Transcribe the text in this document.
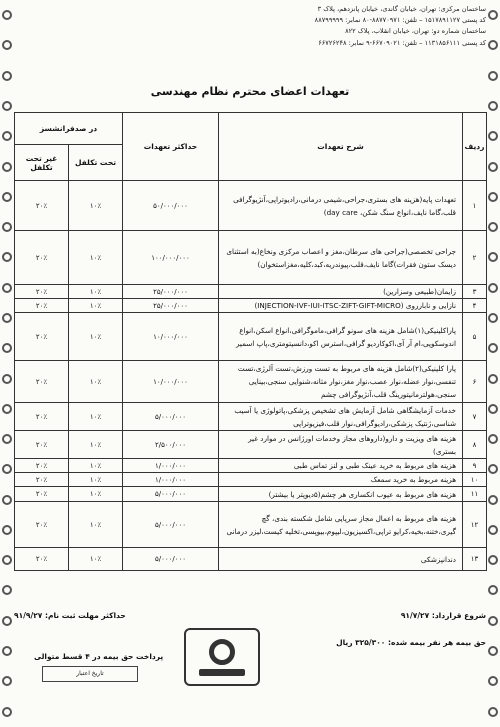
ساختمان مرکزی: تهران، خیابان گاندی، خیابان پانزدهم، پلاک ۳
کد پستی ۱۵۱۷۸۹۱۱۲۷ – تلفن: ۸۸۷۷۰۹۷۱-۸۰ نمابر: ۸۸۷۹۹۹۹۹
ساختمان شماره دو: تهران، خیابان انقلاب، پلاک ۸۲۲
کد پستی ۱۱۳۱۸۵۶۱۱۱ – تلفن: ۶۶۷۰۹۰۲۱-۹ نمابر: ۶۶۷۲۶۲۴۸
تعهدات اعضای محترم نظام مهندسی
ردیف	شرح تعهدات	حداکثر تعهدات	در صدفرانشسز	
			تحت تکلفل	غیر تحت تکلفل
۱	تعهدات پایه(هزینه های بستری،جراحی،شیمی درمانی،رادیوتراپی،آنژیوگرافی قلب،گاما نایف،انواع سنگ شکن، day care)	۵۰/۰۰۰/۰۰۰	۱۰٪	۲۰٪
۲	جراحی تخصصی(جراحی های سرطان،مغز و اعصاب مرکزی ونخاع(به استثنای دیسک ستون فقرات)گاما نایف،قلب،پیوندریه،کبد،کلیه،مغزاستخوان)	۱۰۰/۰۰۰/۰۰۰	۱۰٪	۲۰٪
۳	زایمان(طبیعی وسزارین)	۲۵/۰۰۰/۰۰۰	۱۰٪	۲۰٪
۴	نازایی و نابارروی (INJECTION-IVF-IUI-ITSC-ZIFT-GIFT-MICRO)	۲۵/۰۰۰/۰۰۰	۱۰٪	۲۰٪
۵	پاراکلینیکی(۱)شامل هزینه های سونو گرافی،ماموگرافی،انواع اسکن،انواع اندوسکوپی،ام آر آی،اکوکاردیو گرافی،استرس اکو،دانسیتومتری،پاپ اسمیر	۱۰/۰۰۰/۰۰۰	۱۰٪	۲۰٪
۶	پارا کلینیکی(۲)شامل هزینه های مربوط به تست ورزش،تست آلرژی،تست تنفسی،نوار عضله،نوار عصب،نوار مغز،نوار مثانه،شنوایی سنجی،بینایی سنجی،هولترمانیتورینگ قلب،آنژیوگرافی چشم	۱۰/۰۰۰/۰۰۰	۱۰٪	۲۰٪
۷	خدمات آزمایشگاهی شامل آزمایش های تشخیص پزشکی،پاتولوژی یا آسیب شناسی،ژنتیک پزشکی،رادیوگرافی،نوار قلب،فیزیوتراپی	۵/۰۰۰/۰۰۰	۱۰٪	۲۰٪
۸	هزینه های ویزیت و دارو(داروهای مجاز وخدمات اورژانس در موارد غیر بستری)	۲/۵۰۰/۰۰۰	۱۰٪	۲۰٪
۹	هزینه های مربوط به خرید عینک طبی و لنز تماس طبی	۱/۰۰۰/۰۰۰	۱۰٪	۲۰٪
۱۰	هزینه مربوط به خرید سمعک	۱/۰۰۰/۰۰۰	۱۰٪	۲۰٪
۱۱	هزینه های مربوط به عیوب انکساری هر چشم(۵دیوپتر یا بیشتر)	۵/۰۰۰/۰۰۰	۱۰٪	۲۰٪
۱۲	هزینه های مربوط به اعمال مجاز سرپایی شامل شکسته بندی، گچ گیری،ختنه،بخیه،کرایو تراپی،اکسیزیون،لیپوم،بیوپسی،تخلیه کیست،لیزر درمانی	۵/۰۰۰/۰۰۰	۱۰٪	۲۰٪
۱۳	دندانپزشکی	۵/۰۰۰/۰۰۰	۱۰٪	۲۰٪
شروع قرارداد: ۹۱/۷/۲۷
حداکثر مهلت ثبت نام: ۹۱/۹/۲۷
حق بیمه هر نفر بیمه شده: ۳۲۵/۳۰۰ ریال
پرداخت حق بیمه در ۴ قسط متوالی
تاریخ اعتبار
